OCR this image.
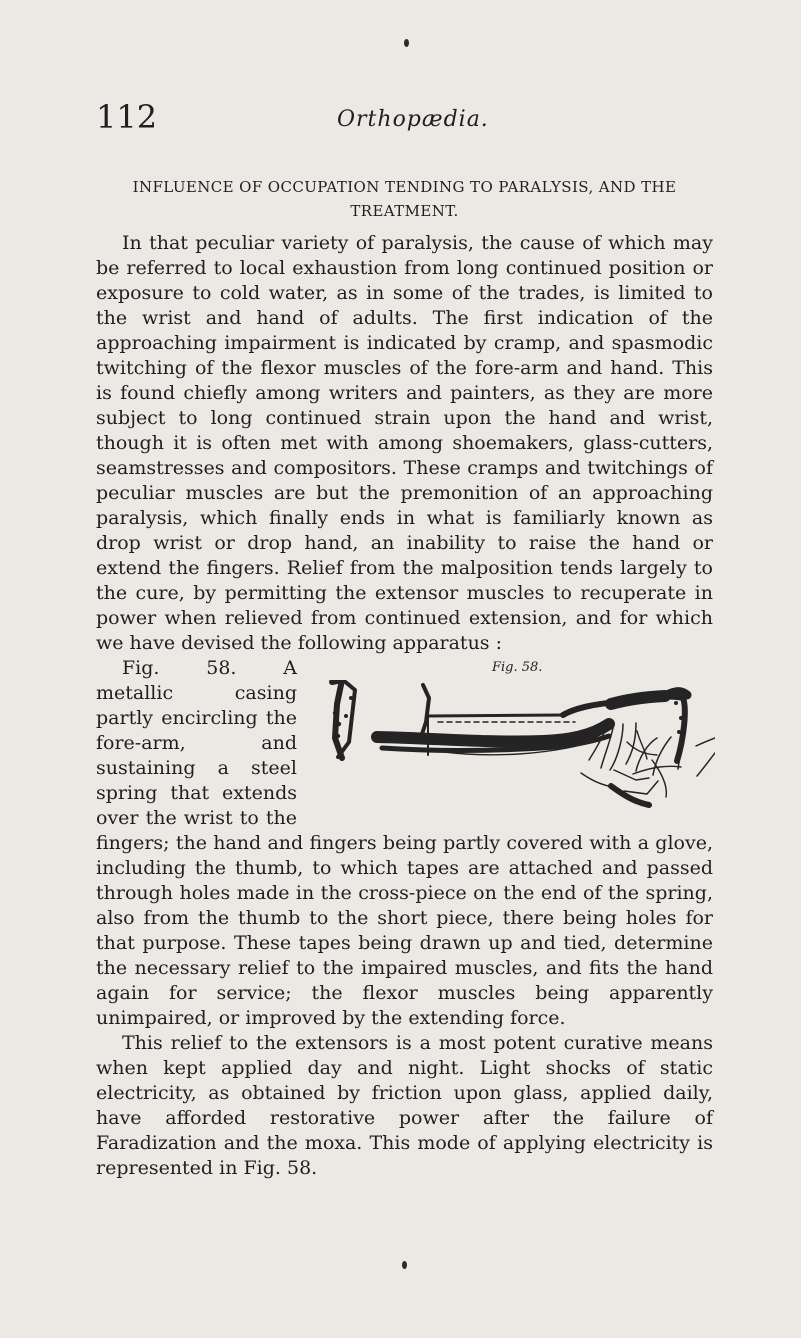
112	Orthopædia.
INFLUENCE OF OCCUPATION TENDING TO PARALYSIS, AND THE TREATMENT.

In that peculiar variety of paralysis, the cause of which may be referred to local exhaustion from long continued position or exposure to cold water, as in some of the trades, is limited to the wrist and hand of adults. The first indication of the approaching impairment is indicated by cramp, and spasmodic twitching of the flexor muscles of the fore-arm and hand. This is found chiefly among writers and painters, as they are more subject to long continued strain upon the hand and wrist, though it is often met with among shoemakers, glass-cutters, seamstresses and compositors. These cramps and twitchings of peculiar muscles are but the premonition of an approaching paralysis, which finally ends in what is familiarly known as drop wrist or drop hand, an inability to raise the hand or extend the fingers. Relief from the malposition tends largely to the cure, by permitting the extensor muscles to recuperate in power when relieved from continued extension, and for which we have devised the following apparatus :

Fig. 58.

Fig. 58. A metallic casing partly encircling the fore-arm, and sustaining a steel spring that extends over the wrist to the fingers; the hand and fingers being partly covered with a glove, including the thumb, to which tapes are attached and passed through holes made in the cross-piece on the end of the spring, also from the thumb to the short piece, there being holes for that purpose. These tapes being drawn up and tied, determine the necessary relief to the impaired muscles, and fits the hand again for service; the flexor muscles being apparently unimpaired, or improved by the extending force.

This relief to the extensors is a most potent curative means when kept applied day and night. Light shocks of static electricity, as obtained by friction upon glass, applied daily, have afforded restorative power after the failure of Faradization and the moxa. This mode of applying electricity is represented in Fig. 58.
